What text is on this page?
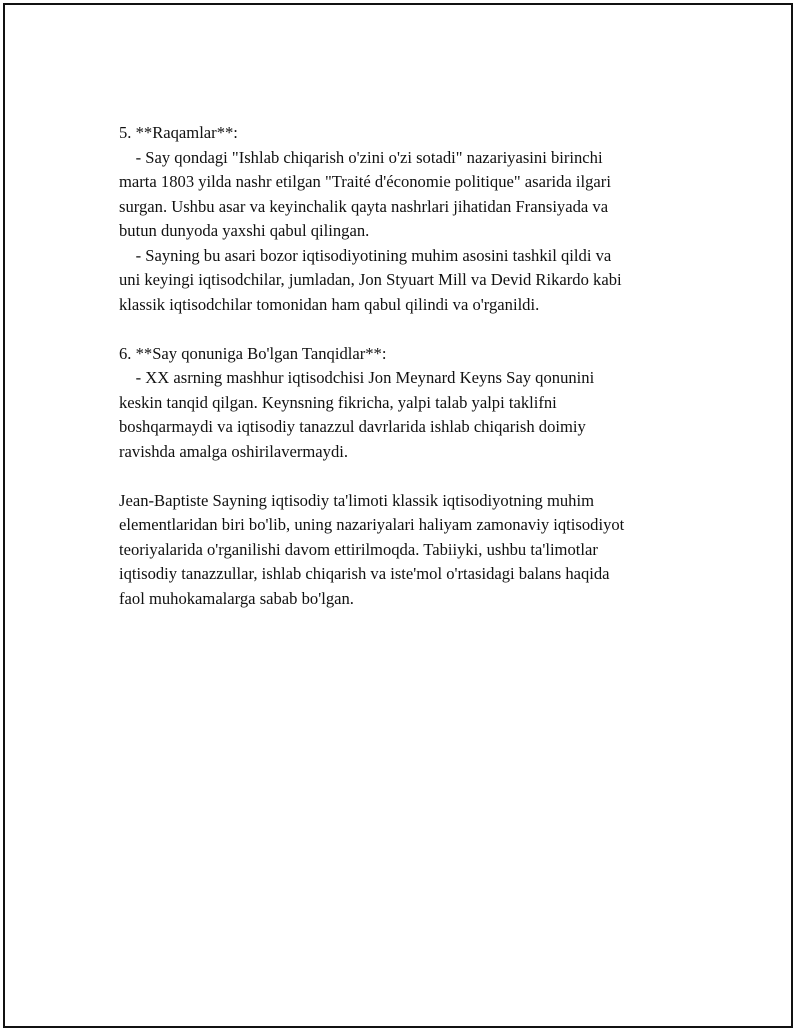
5. **Raqamlar**:

- Say qondagi "Ishlab chiqarish o'zini o'zi sotadi" nazariyasini birinchi

marta 1803 yilda nashr etilgan "Traité d'économie politique" asarida ilgari

surgan. Ushbu asar va keyinchalik qayta nashrlari jihatidan Fransiyada va

butun dunyoda yaxshi qabul qilingan.

- Sayning bu asari bozor iqtisodiyotining muhim asosini tashkil qildi va

uni keyingi iqtisodchilar, jumladan, Jon Styuart Mill va Devid Rikardo kabi

klassik iqtisodchilar tomonidan ham qabul qilindi va o'rganildi.

6. **Say qonuniga Bo'lgan Tanqidlar**:

- XX asrning mashhur iqtisodchisi Jon Meynard Keyns Say qonunini

keskin tanqid qilgan. Keynsning fikricha, yalpi talab yalpi taklifni

boshqarmaydi va iqtisodiy tanazzul davrlarida ishlab chiqarish doimiy

ravishda amalga oshirilavermaydi.

Jean-Baptiste Sayning iqtisodiy ta'limoti klassik iqtisodiyotning muhim

elementlaridan biri bo'lib, uning nazariyalari haliyam zamonaviy iqtisodiyot

teoriyalarida o'rganilishi davom ettirilmoqda. Tabiiyki, ushbu ta'limotlar

iqtisodiy tanazzullar, ishlab chiqarish va iste'mol o'rtasidagi balans haqida

faol muhokamalarga sabab bo'lgan.
